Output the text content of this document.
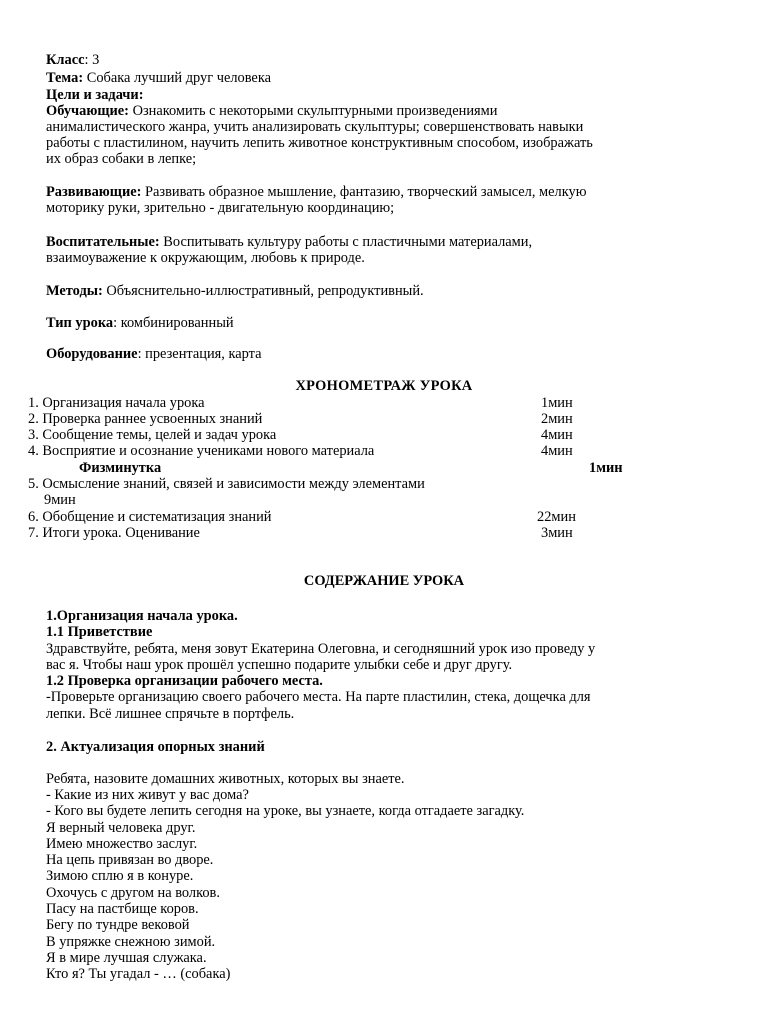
Класс: 3
Тема: Собака лучший друг человека
Цели и задачи:
Обучающие: Ознакомить с некоторыми скульптурными произведениями
анималистического жанра, учить анализировать скульптуры; совершенствовать навыки
работы с пластилином, научить лепить животное конструктивным способом, изображать
их образ собаки в лепке;
Развивающие: Развивать образное мышление, фантазию, творческий замысел, мелкую
моторику руки, зрительно - двигательную координацию;
Воспитательные: Воспитывать культуру работы с пластичными материалами,
взаимоуважение к окружающим, любовь к природе.
Методы: Объяснительно-иллюстративный, репродуктивный.
Тип урока: комбинированный
Оборудование: презентация, карта
ХРОНОМЕТРАЖ УРОКА
1. Организация начала урока	1мин
2. Проверка раннее усвоенных знаний	2мин
3. Сообщение темы, целей и задач урока	4мин
4. Восприятие и осознание учениками нового материала	4мин
Физминутка	1мин
5. Осмысление знаний, связей и зависимости между элементами
9мин
6. Обобщение и систематизация знаний	22мин
7. Итоги урока. Оценивание	3мин
СОДЕРЖАНИЕ УРОКА
1.Организация начала урока.
1.1 Приветствие
Здравствуйте, ребята, меня зовут Екатерина Олеговна, и сегодняшний урок изо проведу у
вас я. Чтобы наш урок прошёл успешно подарите улыбки себе и друг другу.
1.2 Проверка организации рабочего места.
-Проверьте организацию своего рабочего места. На парте пластилин, стека, дощечка для
лепки. Всё лишнее спрячьте в портфель.
2. Актуализация опорных знаний
Ребята, назовите домашних животных, которых вы знаете.
- Какие из них живут у вас дома?
- Кого вы будете лепить сегодня на уроке, вы узнаете, когда отгадаете загадку.
Я верный человека друг.
Имею множество заслуг.
На цепь привязан во дворе.
Зимою сплю я в конуре.
Охочусь с другом на волков.
Пасу на пастбище коров.
Бегу по тундре вековой
В упряжке снежною зимой.
Я в мире лучшая служака.
Кто я? Ты угадал - … (собака)
